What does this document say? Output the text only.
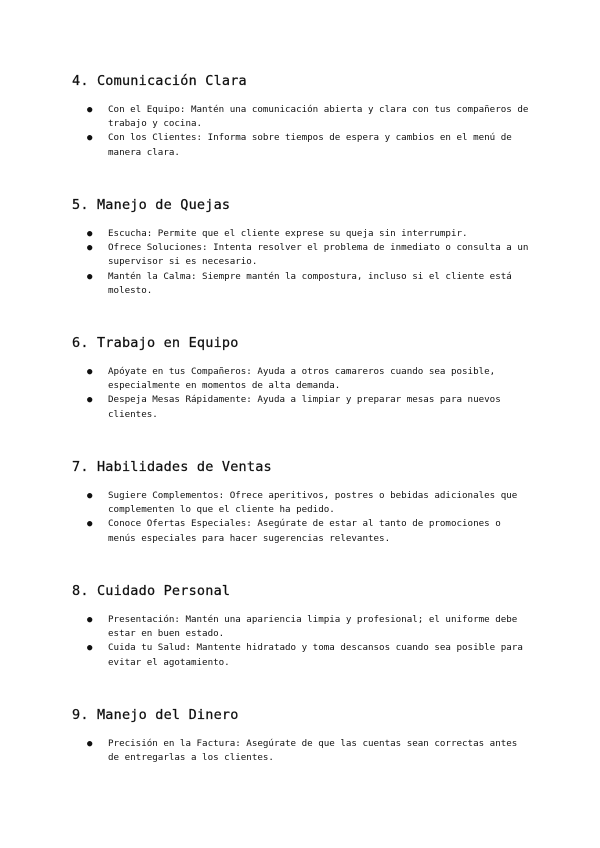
4. Comunicación Clara
● Con el Equipo: Mantén una comunicación abierta y clara con tus compañeros de trabajo y cocina.
● Con los Clientes: Informa sobre tiempos de espera y cambios en el menú de manera clara.
5. Manejo de Quejas
● Escucha: Permite que el cliente exprese su queja sin interrumpir.
● Ofrece Soluciones: Intenta resolver el problema de inmediato o consulta a un supervisor si es necesario.
● Mantén la Calma: Siempre mantén la compostura, incluso si el cliente está molesto.
6. Trabajo en Equipo
● Apóyate en tus Compañeros: Ayuda a otros camareros cuando sea posible, especialmente en momentos de alta demanda.
● Despeja Mesas Rápidamente: Ayuda a limpiar y preparar mesas para nuevos clientes.
7. Habilidades de Ventas
● Sugiere Complementos: Ofrece aperitivos, postres o bebidas adicionales que complementen lo que el cliente ha pedido.
● Conoce Ofertas Especiales: Asegúrate de estar al tanto de promociones o menús especiales para hacer sugerencias relevantes.
8. Cuidado Personal
● Presentación: Mantén una apariencia limpia y profesional; el uniforme debe estar en buen estado.
● Cuida tu Salud: Mantente hidratado y toma descansos cuando sea posible para evitar el agotamiento.
9. Manejo del Dinero
● Precisión en la Factura: Asegúrate de que las cuentas sean correctas antes de entregarlas a los clientes.
